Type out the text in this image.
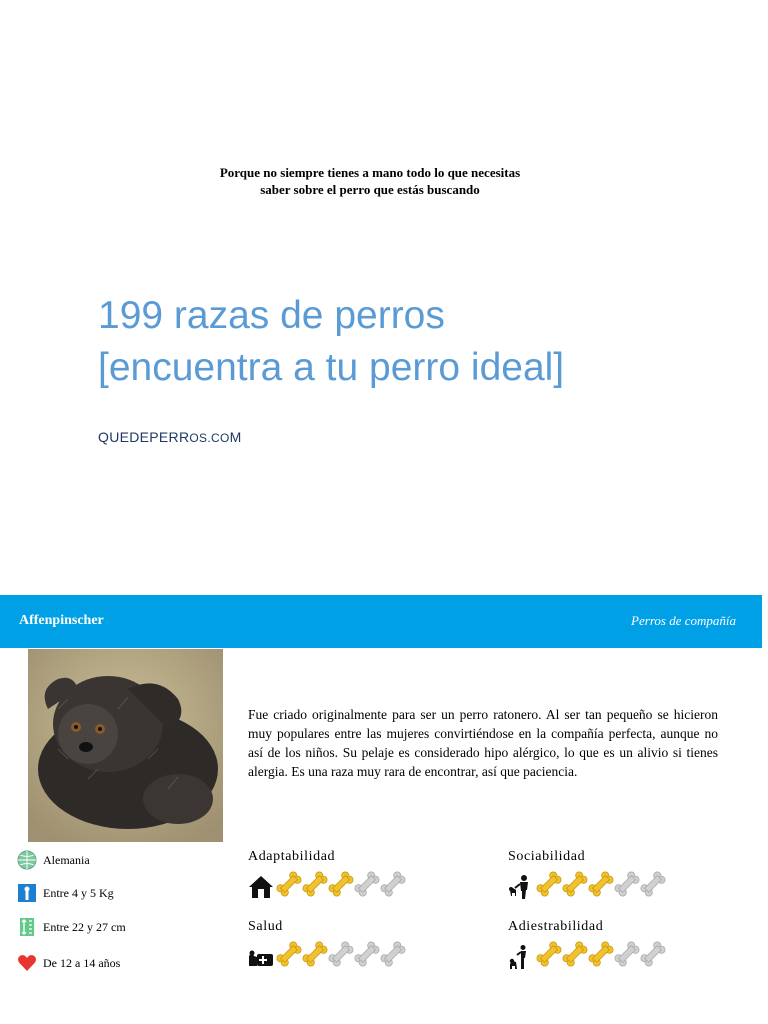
Porque no siempre tienes a mano todo lo que necesitas
saber sobre el perro que estás buscando
199 razas de perros
[encuentra a tu perro ideal]
QUEDEPERROS.COM
Affenpinscher	Perros de compañía
Fue criado originalmente para ser un perro ratonero. Al ser tan pequeño se hicieron muy populares entre las mujeres convirtiéndose en la compañía perfecta, aunque no así de los niños. Su pelaje es considerado hipo alérgico, lo que es un alivio si tienes alergia. Es una raza muy rara de encontrar, así que paciencia.
Alemania
Entre 4 y 5 Kg
Entre 22 y 27 cm
De 12 a 14 años
Adaptabilidad	Sociabilidad
Salud	Adiestrabilidad
